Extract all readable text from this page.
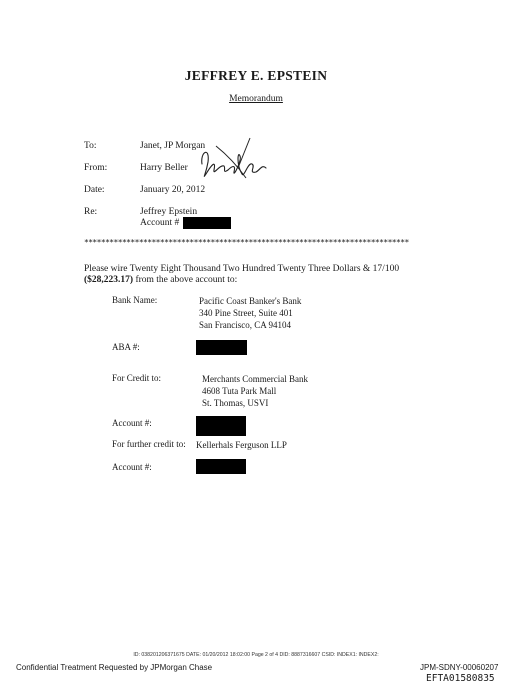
JEFFREY E. EPSTEIN
Memorandum
To:	Janet, JP Morgan
From:	Harry Beller
Date:	January 20, 2012
Re:	Jeffrey Epstein
Account #
*****************************************************************************
Please wire Twenty Eight Thousand Two Hundred Twenty Three Dollars & 17/100
($28,223.17) from the above account to:
Bank Name:	Pacific Coast Banker's Bank
340 Pine Street, Suite 401
San Francisco, CA 94104
ABA #:
For Credit to:	Merchants Commercial Bank
4608 Tuta Park Mall
St. Thomas, USVI
Account #:
For further credit to: Kellerhals Ferguson LLP
Account #:
ID: 038201206371675 DATE: 01/20/2012 18:02:00 Page 2 of 4 DID: 8887316607 CSID: INDEX1: INDEX2:
Confidential Treatment Requested by JPMorgan Chase	JPM-SDNY-00060207
EFTA01580835
